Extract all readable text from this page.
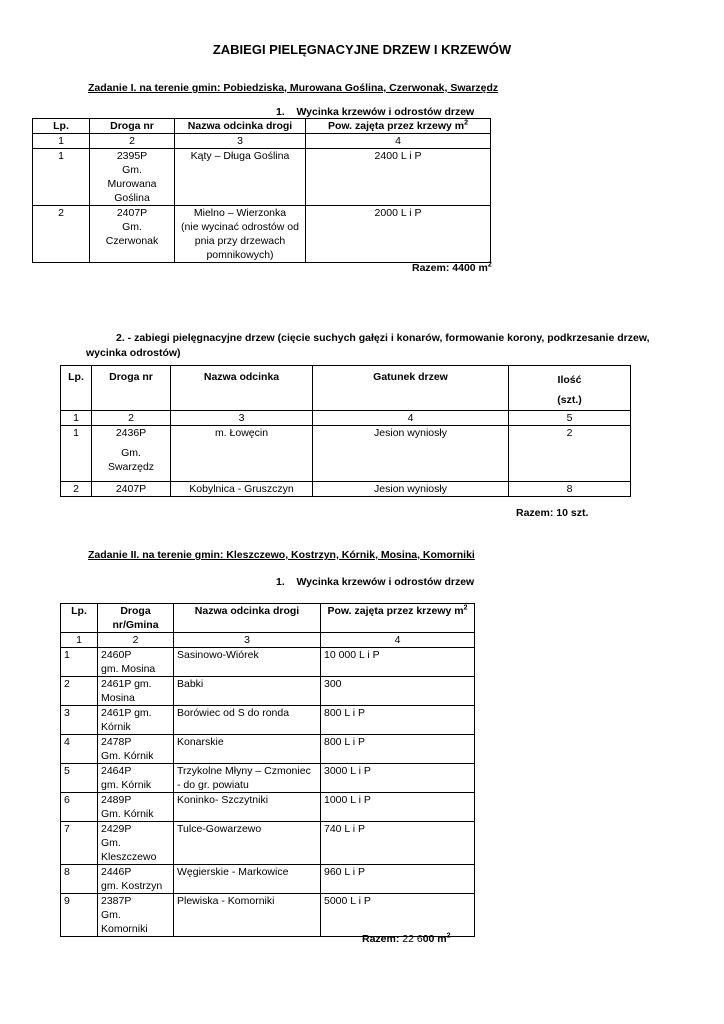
ZABIEGI PIELĘGNACYJNE DRZEW I KRZEWÓW
Zadanie I. na terenie gmin: Pobiedziska, Murowana Goślina, Czerwonak, Swarzędz
1. Wycinka krzewów i odrostów drzew
Lp.	Droga nr	Nazwa odcinka drogi	Pow. zajęta przez krzewy $m^2$
1	2	3	4
1	2395P
Gm.
Murowana
Goślina	Kąty – Długa Goślina	2400 L i P
2	2407P
Gm.
Czerwonak	Mielno – Wierzonka
(nie wycinać odrostów od
pnia przy drzewach
pomnikowych)	2000 L i P
Razem: 4400 $m^2$
2. - zabiegi pielęgnacyjne drzew (cięcie suchych gałęzi i konarów, formowanie korony, podkrzesanie drzew,
wycinka odrostów)
Lp.	Droga nr	Nazwa odcinka	Gatunek drzew	Ilość
(szt.)

1	2	3	4	5
1	2436P
Gm.
Swarzędz	m. Łowęcin	Jesion wyniosły	2
2	2407P	Kobylnica - Gruszczyn	Jesion wyniosły	8
Razem: 10 szt.
Zadanie II. na terenie gmin: Kleszczewo, Kostrzyn, Kórnik, Mosina, Komorniki
1. Wycinka krzewów i odrostów drzew
Lp.	Droga
nr/Gmina	Nazwa odcinka drogi	Pow. zajęta przez krzewy $m^2$
1	2	3	4
1	2460P
gm. Mosina	Sasinowo-Wiórek	10 000 L i P
2	2461P gm.
Mosina	Babki	300
3	2461P gm.
Kórnik	Borówiec od S do ronda	800 L i P
4	2478P
Gm. Kórnik	Konarskie	800 L i P
5	2464P
gm. Kórnik	Trzykolne Młyny – Czmoniec
- do gr. powiatu	3000 L i P
6	2489P
Gm. Kórnik	Koninko- Szczytniki	1000 L i P
7	2429P
Gm.
Kleszczewo	Tulce-Gowarzewo	740 L i P
8	2446P
gm. Kostrzyn	Węgierskie - Markowice	960 L i P
9	2387P
Gm.
Komorniki	Plewiska - Komorniki	5000 L i P
Razem: 22 600 $m^2$
